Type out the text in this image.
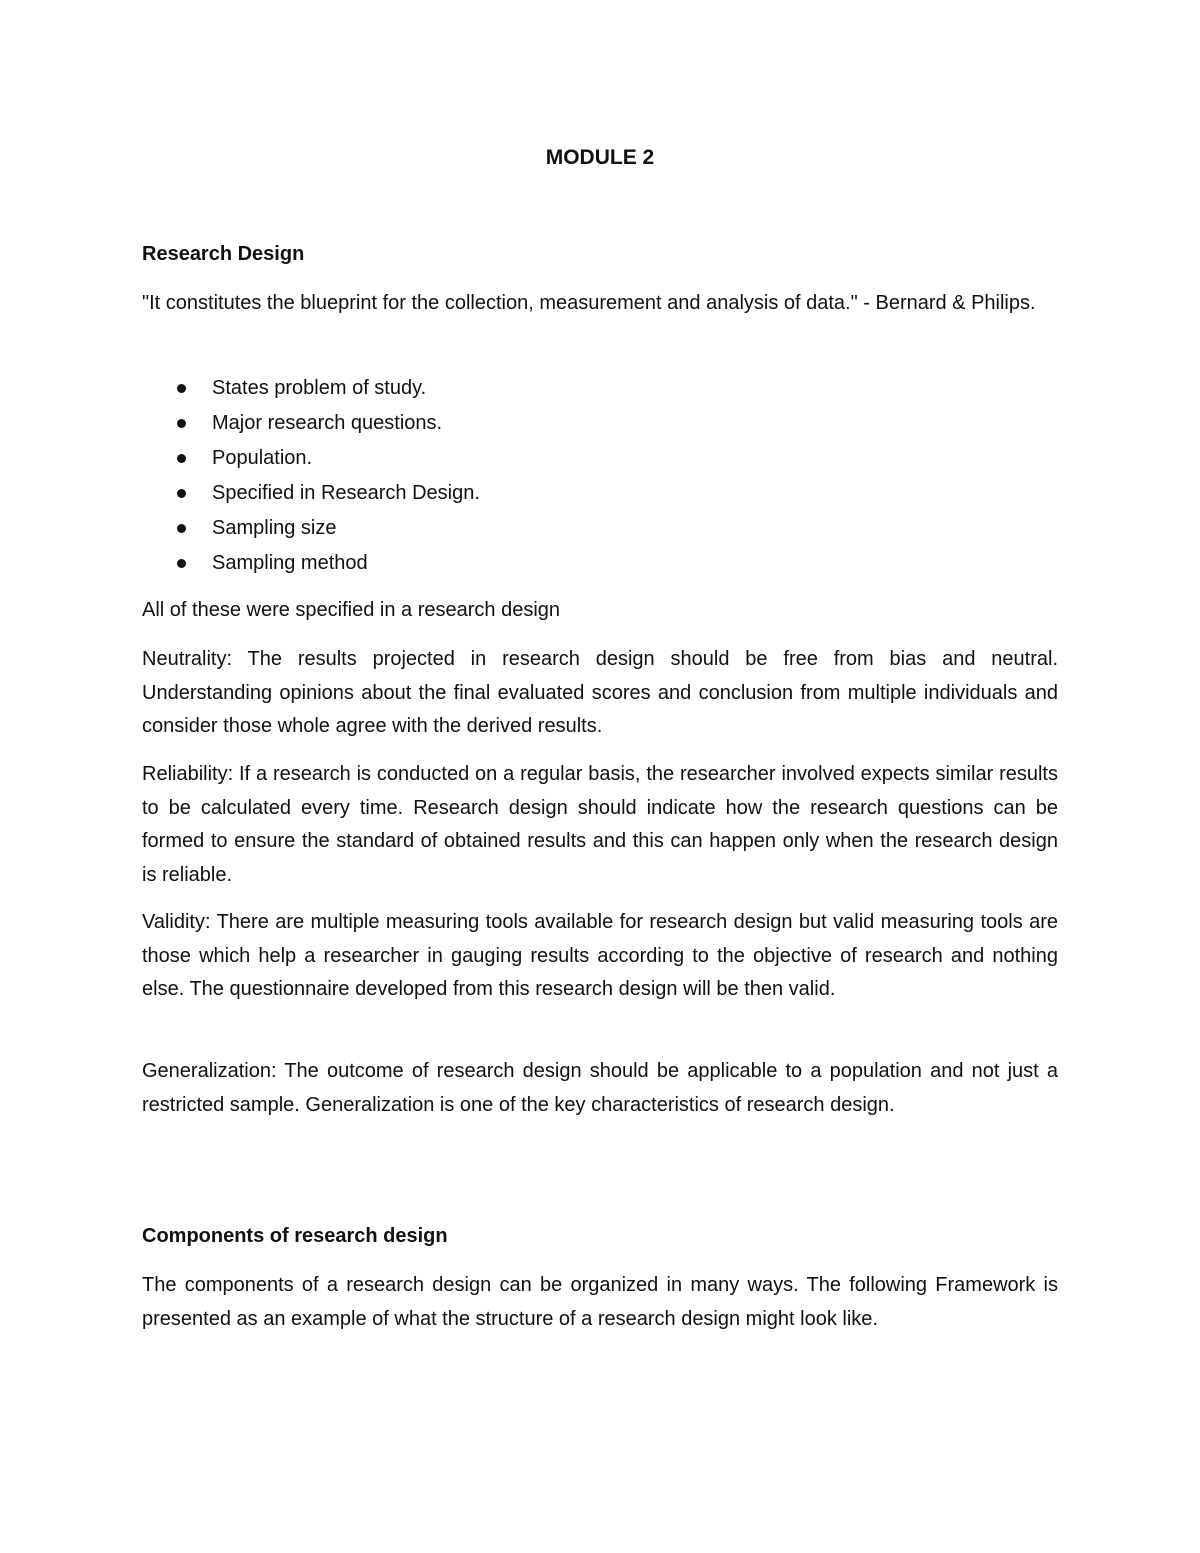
MODULE 2
Research Design

"It constitutes the blueprint for the collection, measurement and analysis of data." - Bernard & Philips.

States problem of study.
Major research questions.
Population.
Specified in Research Design.
Sampling size
Sampling method

All of these were specified in a research design

Neutrality: The results projected in research design should be free from bias and neutral. Understanding opinions about the final evaluated scores and conclusion from multiple individuals and consider those whole agree with the derived results.

Reliability: If a research is conducted on a regular basis, the researcher involved expects similar results to be calculated every time. Research design should indicate how the research questions can be formed to ensure the standard of obtained results and this can happen only when the research design is reliable.

Validity: There are multiple measuring tools available for research design but valid measuring tools are those which help a researcher in gauging results according to the objective of research and nothing else. The questionnaire developed from this research design will be then valid.

Generalization: The outcome of research design should be applicable to a population and not just a restricted sample. Generalization is one of the key characteristics of research design.

Components of research design

The components of a research design can be organized in many ways. The following Framework is presented as an example of what the structure of a research design might look like.
